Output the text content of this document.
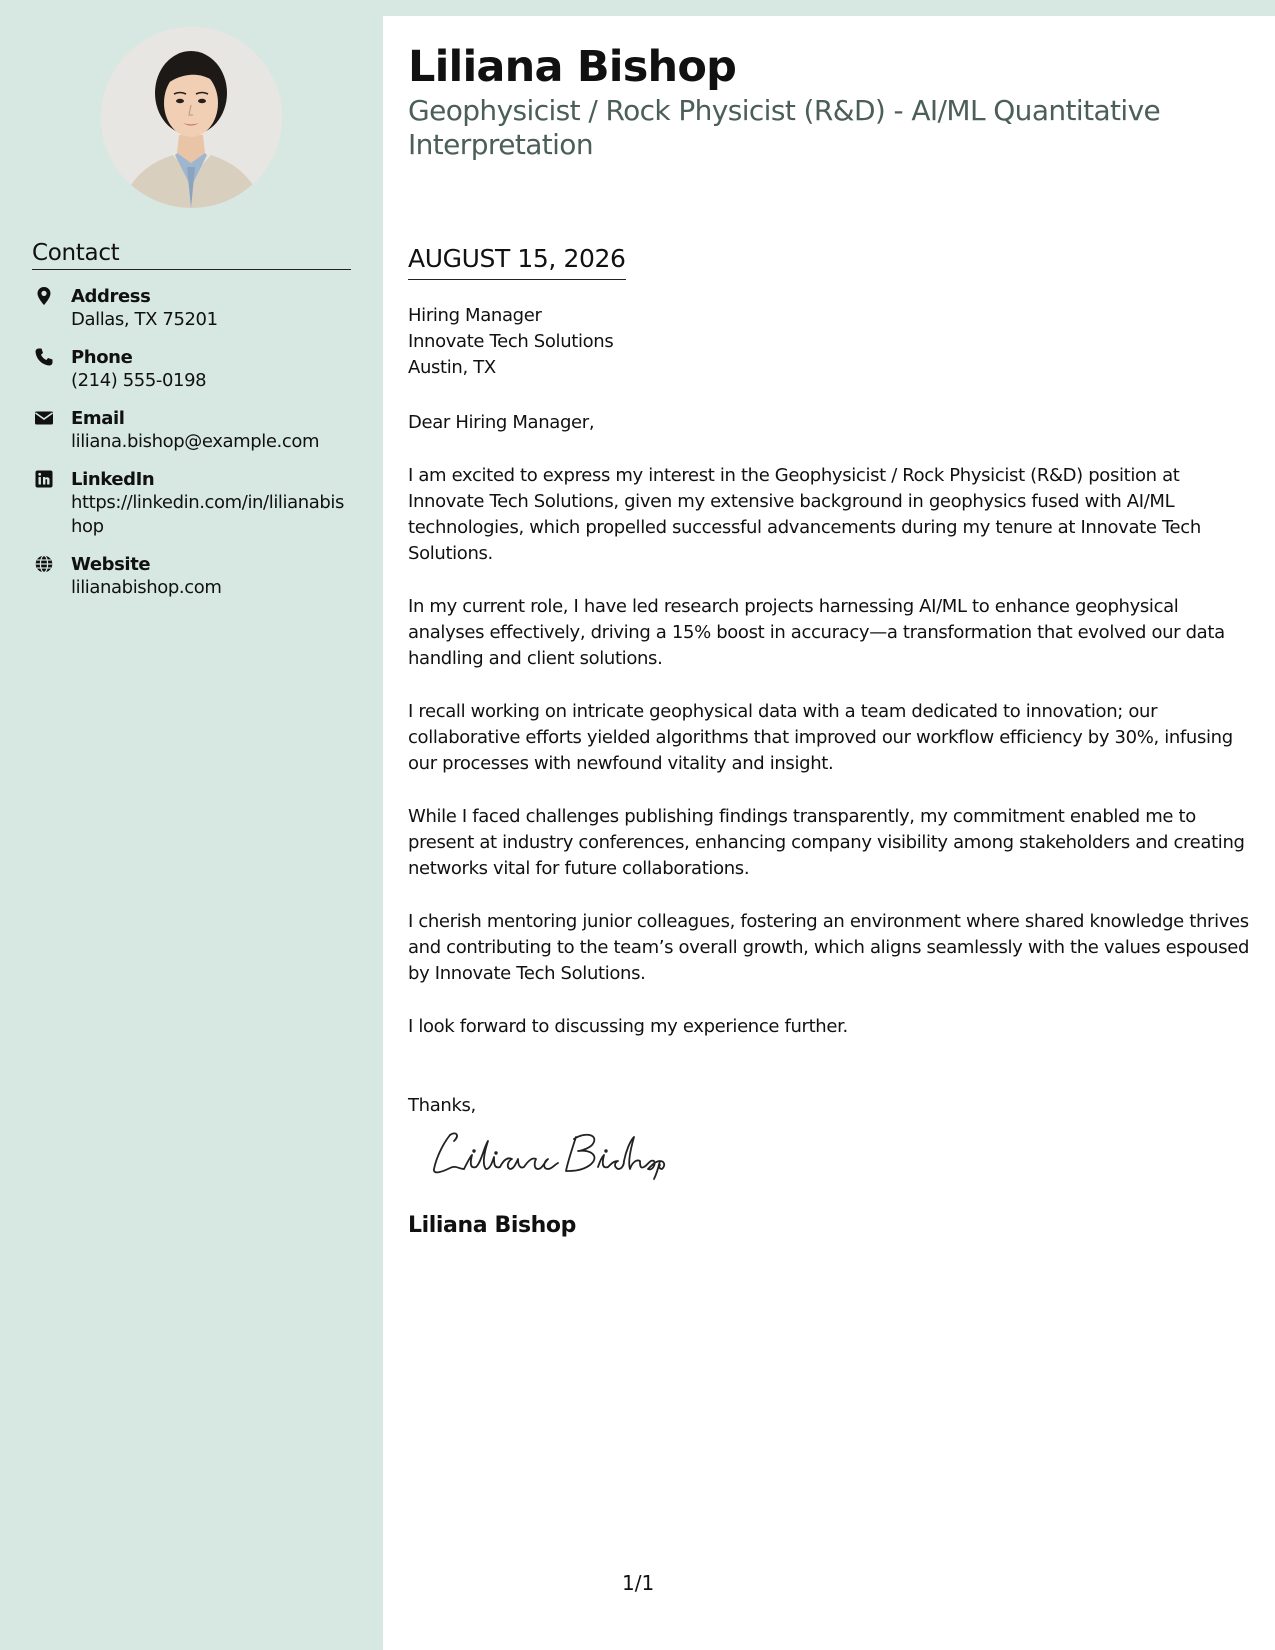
Contact
Address
Dallas, TX 75201
Phone
(214) 555-0198
Email
liliana.bishop@example.com
LinkedIn
https://linkedin.com/in/lilianabishop
Website
lilianabishop.com
Liliana Bishop
Geophysicist / Rock Physicist (R&D) - AI/ML Quantitative Interpretation
AUGUST 15, 2026
Hiring Manager
Innovate Tech Solutions
Austin, TX
Dear Hiring Manager,
I am excited to express my interest in the Geophysicist / Rock Physicist (R&D) position at Innovate Tech Solutions, given my extensive background in geophysics fused with AI/ML technologies, which propelled successful advancements during my tenure at Innovate Tech Solutions.
In my current role, I have led research projects harnessing AI/ML to enhance geophysical analyses effectively, driving a 15% boost in accuracy—a transformation that evolved our data handling and client solutions.
I recall working on intricate geophysical data with a team dedicated to innovation; our collaborative efforts yielded algorithms that improved our workflow efficiency by 30%, infusing our processes with newfound vitality and insight.
While I faced challenges publishing findings transparently, my commitment enabled me to present at industry conferences, enhancing company visibility among stakeholders and creating networks vital for future collaborations.
I cherish mentoring junior colleagues, fostering an environment where shared knowledge thrives and contributing to the team’s overall growth, which aligns seamlessly with the values espoused by Innovate Tech Solutions.
I look forward to discussing my experience further.
Thanks,
Liliana Bishop
1/1
